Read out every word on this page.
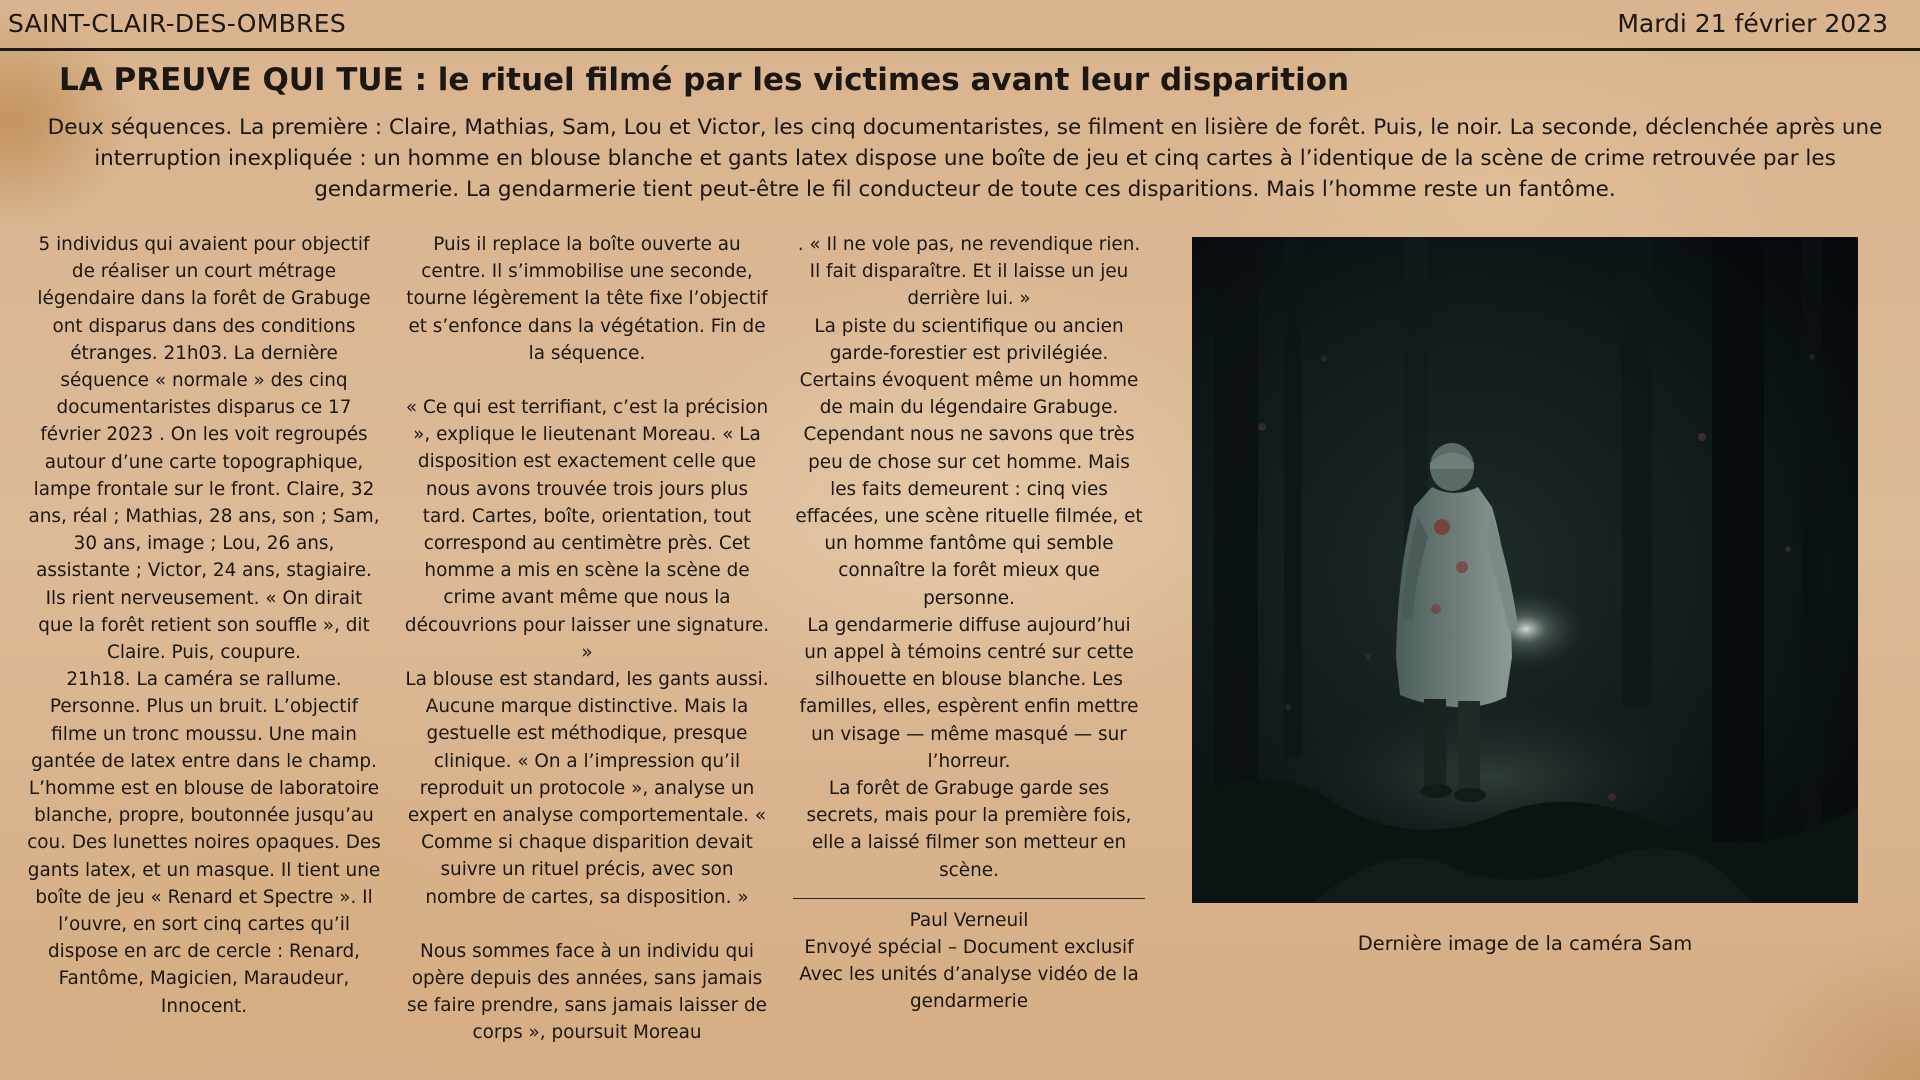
SAINT-CLAIR-DES-OMBRES	Mardi 21 février 2023
LA PREUVE QUI TUE : le rituel filmé par les victimes avant leur disparition
Deux séquences. La première : Claire, Mathias, Sam, Lou et Victor, les cinq documentaristes, se filment en lisière de forêt. Puis, le noir. La seconde, déclenchée après une interruption inexpliquée : un homme en blouse blanche et gants latex dispose une boîte de jeu et cinq cartes à l’identique de la scène de crime retrouvée par les gendarmerie. La gendarmerie tient peut-être le fil conducteur de toute ces disparitions. Mais l’homme reste un fantôme.

5 individus qui avaient pour objectif de réaliser un court métrage légendaire dans la forêt de Grabuge ont disparus dans des conditions étranges. 21h03. La dernière séquence « normale » des cinq documentaristes disparus ce 17 février 2023 . On les voit regroupés autour d’une carte topographique, lampe frontale sur le front. Claire, 32 ans, réal ; Mathias, 28 ans, son ; Sam, 30 ans, image ; Lou, 26 ans, assistante ; Victor, 24 ans, stagiaire. Ils rient nerveusement. « On dirait que la forêt retient son souffle », dit Claire. Puis, coupure.

21h18. La caméra se rallume. Personne. Plus un bruit. L’objectif filme un tronc moussu. Une main gantée de latex entre dans le champ. L’homme est en blouse de laboratoire blanche, propre, boutonnée jusqu’au cou. Des lunettes noires opaques. Des gants latex, et un masque. Il tient une boîte de jeu « Renard et Spectre ». Il l’ouvre, en sort cinq cartes qu’il dispose en arc de cercle : Renard, Fantôme, Magicien, Maraudeur, Innocent.

Puis il replace la boîte ouverte au centre. Il s’immobilise une seconde, tourne légèrement la tête fixe l’objectif et s’enfonce dans la végétation. Fin de la séquence.

« Ce qui est terrifiant, c’est la précision », explique le lieutenant Moreau. « La disposition est exactement celle que nous avons trouvée trois jours plus tard. Cartes, boîte, orientation, tout correspond au centimètre près. Cet homme a mis en scène la scène de crime avant même que nous la découvrions pour laisser une signature. »

La blouse est standard, les gants aussi. Aucune marque distinctive. Mais la gestuelle est méthodique, presque clinique. « On a l’impression qu’il reproduit un protocole », analyse un expert en analyse comportementale. « Comme si chaque disparition devait suivre un rituel précis, avec son nombre de cartes, sa disposition. »

Nous sommes face à un individu qui opère depuis des années, sans jamais se faire prendre, sans jamais laisser de corps », poursuit Moreau

. « Il ne vole pas, ne revendique rien. Il fait disparaître. Et il laisse un jeu derrière lui. »

La piste du scientifique ou ancien garde-forestier est privilégiée. Certains évoquent même un homme de main du légendaire Grabuge. Cependant nous ne savons que très peu de chose sur cet homme. Mais les faits demeurent : cinq vies effacées, une scène rituelle filmée, et un homme fantôme qui semble connaître la forêt mieux que personne.

La gendarmerie diffuse aujourd’hui un appel à témoins centré sur cette silhouette en blouse blanche. Les familles, elles, espèrent enfin mettre un visage — même masqué — sur l’horreur.

La forêt de Grabuge garde ses secrets, mais pour la première fois, elle a laissé filmer son metteur en scène.

Paul Verneuil
Envoyé spécial – Document exclusif
Avec les unités d’analyse vidéo de la gendarmerie
Dernière image de la caméra Sam
